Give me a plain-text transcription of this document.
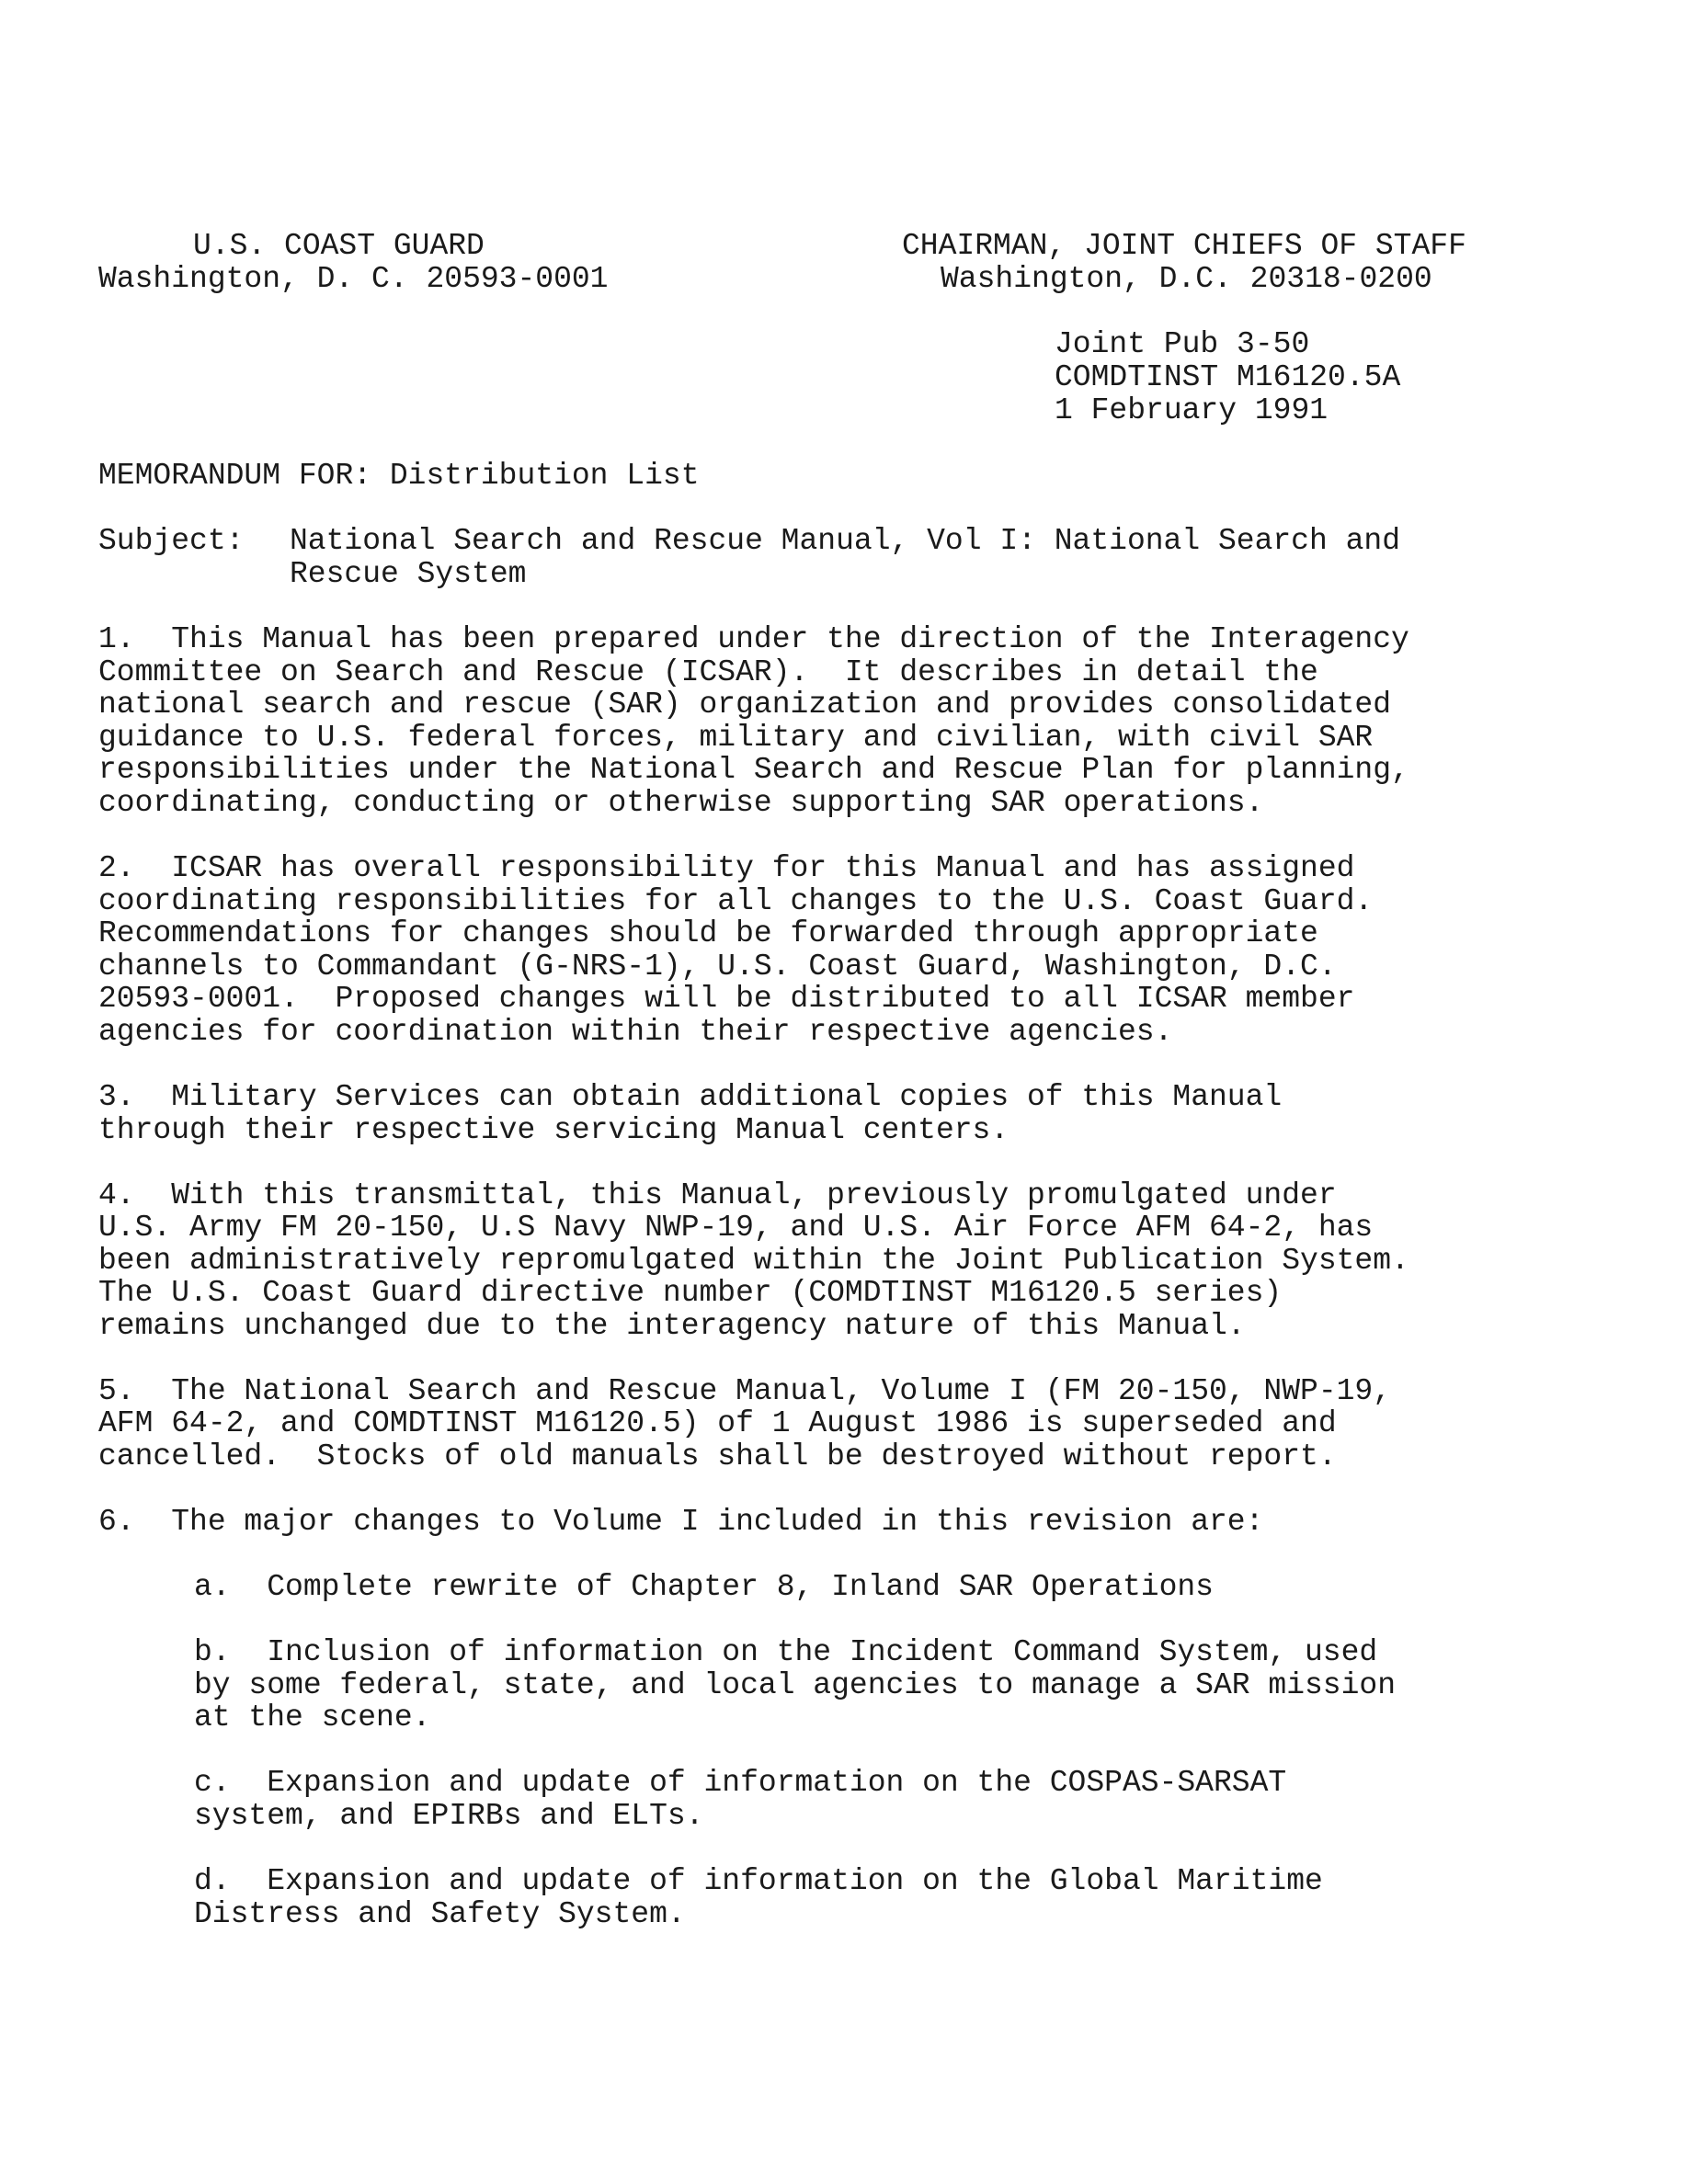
U.S. COAST GUARD
Washington, D. C. 20593-0001
CHAIRMAN, JOINT CHIEFS OF STAFF
Washington, D.C. 20318-0200
Joint Pub 3-50
COMDTINST M16120.5A
1 February 1991
MEMORANDUM FOR: Distribution List
Subject: National Search and Rescue Manual, Vol I: National Search and
Rescue System
1.  This Manual has been prepared under the direction of the Interagency
Committee on Search and Rescue (ICSAR).  It describes in detail the
national search and rescue (SAR) organization and provides consolidated
guidance to U.S. federal forces, military and civilian, with civil SAR
responsibilities under the National Search and Rescue Plan for planning,
coordinating, conducting or otherwise supporting SAR operations.
2.  ICSAR has overall responsibility for this Manual and has assigned
coordinating responsibilities for all changes to the U.S. Coast Guard.
Recommendations for changes should be forwarded through appropriate
channels to Commandant (G-NRS-1), U.S. Coast Guard, Washington, D.C.
20593-0001.  Proposed changes will be distributed to all ICSAR member
agencies for coordination within their respective agencies.
3.  Military Services can obtain additional copies of this Manual
through their respective servicing Manual centers.
4.  With this transmittal, this Manual, previously promulgated under
U.S. Army FM 20-150, U.S Navy NWP-19, and U.S. Air Force AFM 64-2, has
been administratively repromulgated within the Joint Publication System.
The U.S. Coast Guard directive number (COMDTINST M16120.5 series)
remains unchanged due to the interagency nature of this Manual.
5.  The National Search and Rescue Manual, Volume I (FM 20-150, NWP-19,
AFM 64-2, and COMDTINST M16120.5) of 1 August 1986 is superseded and
cancelled.  Stocks of old manuals shall be destroyed without report.
6.  The major changes to Volume I included in this revision are:
a.  Complete rewrite of Chapter 8, Inland SAR Operations
b.  Inclusion of information on the Incident Command System, used
by some federal, state, and local agencies to manage a SAR mission
at the scene.
c.  Expansion and update of information on the COSPAS-SARSAT
system, and EPIRBs and ELTs.
d.  Expansion and update of information on the Global Maritime
Distress and Safety System.
